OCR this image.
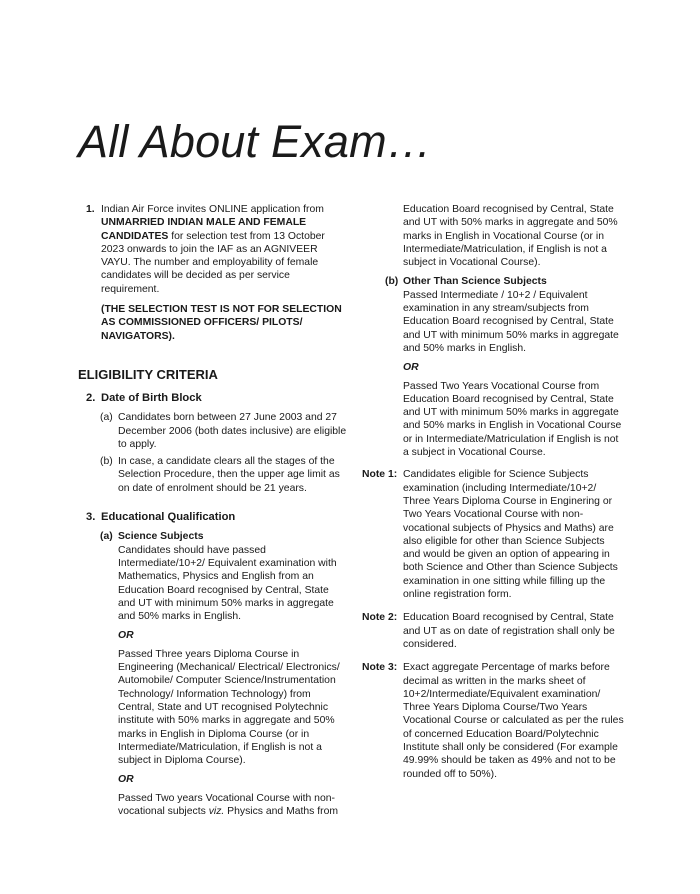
All About Exam…
1. Indian Air Force invites ONLINE application from UNMARRIED INDIAN MALE AND FEMALE CANDIDATES for selection test from 13 October 2023 onwards to join the IAF as an AGNIVEER VAYU. The number and employability of female candidates will be decided as per service requirement.

(THE SELECTION TEST IS NOT FOR SELECTION AS COMMISSIONED OFFICERS/ PILOTS/ NAVIGATORS).

ELIGIBILITY CRITERIA
2. Date of Birth Block
(a) Candidates born between 27 June 2003 and 27 December 2006 (both dates inclusive) are eligible to apply.

(b) In case, a candidate clears all the stages of the Selection Procedure, then the upper age limit as on date of enrolment should be 21 years.

3. Educational Qualification
(a) Science Subjects

Candidates should have passed Intermediate/10+2/ Equivalent examination with Mathematics, Physics and English from an Education Board recognised by Central, State and UT with minimum 50% marks in aggregate and 50% marks in English.

OR

Passed Three years Diploma Course in Engineering (Mechanical/ Electrical/ Electronics/ Automobile/ Computer Science/Instrumentation Technology/ Information Technology) from Central, State and UT recognised Polytechnic institute with 50% marks in aggregate and 50% marks in English in Diploma Course (or in Intermediate/Matriculation, if English is not a subject in Diploma Course).

OR

Passed Two years Vocational Course with non-vocational subjects viz. Physics and Maths from

Education Board recognised by Central, State and UT with 50% marks in aggregate and 50% marks in English in Vocational Course (or in Intermediate/Matriculation, if English is not a subject in Vocational Course).

(b) Other Than Science Subjects

Passed Intermediate / 10+2 / Equivalent examination in any stream/subjects from Education Board recognised by Central, State and UT with minimum 50% marks in aggregate and 50% marks in English.

OR

Passed Two Years Vocational Course from Education Board recognised by Central, State and UT with minimum 50% marks in aggregate and 50% marks in English in Vocational Course or in Intermediate/Matriculation if English is not a subject in Vocational Course.

Note 1: Candidates eligible for Science Subjects examination (including Intermediate/10+2/ Three Years Diploma Course in Enginering or Two Years Vocational Course with non-vocational subjects of Physics and Maths) are also eligible for other than Science Subjects and would be given an option of appearing in both Science and Other than Science Subjects examination in one sitting while filling up the online registration form.

Note 2: Education Board recognised by Central, State and UT as on date of registration shall only be considered.

Note 3: Exact aggregate Percentage of marks before decimal as written in the marks sheet of 10+2/Intermediate/Equivalent examination/ Three Years Diploma Course/Two Years Vocational Course or calculated as per the rules of concerned Education Board/Polytechnic Institute shall only be considered (For example 49.99% should be taken as 49% and not to be rounded off to 50%).
